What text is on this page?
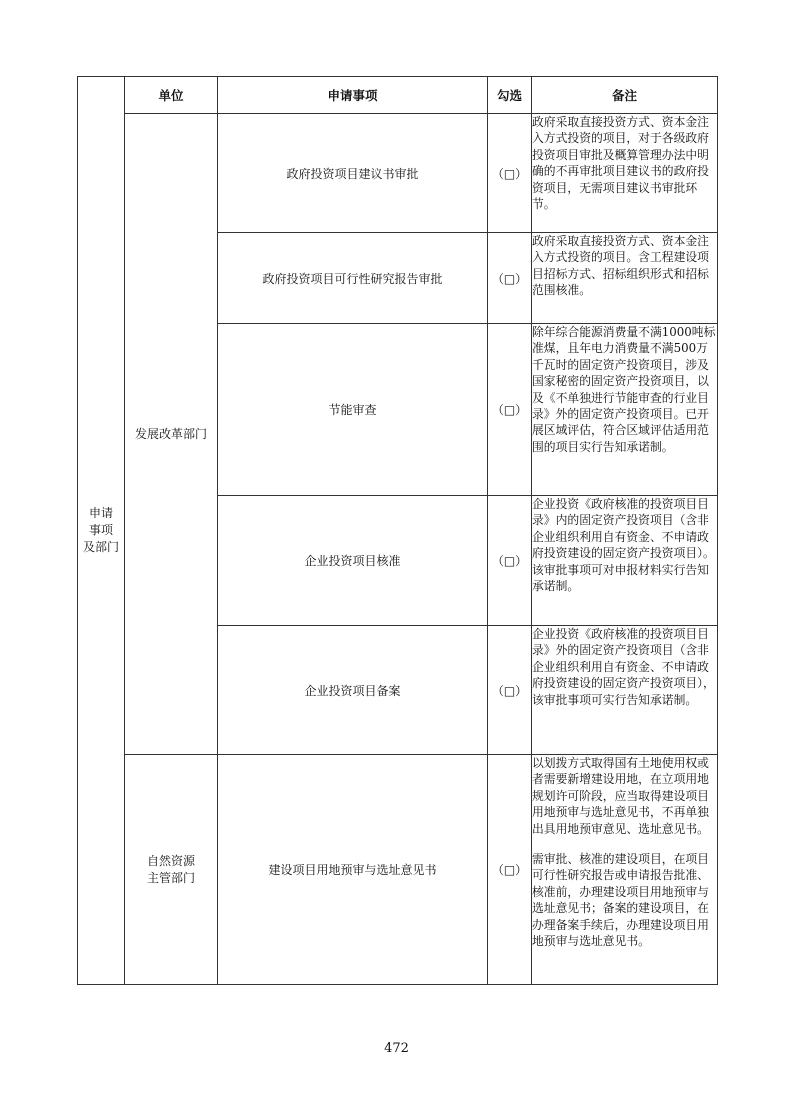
申请
事项
及部门	单位	申请事项	勾选	备注
	发展改革部门	政府投资项目建议书审批	（□）	政府采取直接投资方式、资本金注入方式投资的项目，对于各级政府投资项目审批及概算管理办法中明确的不再审批项目建议书的政府投资项目，无需项目建议书审批环节。

		政府投资项目可行性研究报告审批	（□）	政府采取直接投资方式、资本金注入方式投资的项目。含工程建设项目招标方式、招标组织形式和招标范围核准。

		节能审查	（□）	除年综合能源消费量不满1000吨标准煤，且年电力消费量不满500万千瓦时的固定资产投资项目，涉及国家秘密的固定资产投资项目，以及《不单独进行节能审查的行业目录》外的固定资产投资项目。已开展区域评估，符合区域评估适用范围的项目实行告知承诺制。

		企业投资项目核准	（□）	企业投资《政府核准的投资项目目录》内的固定资产投资项目（含非企业组织利用自有资金、不申请政府投资建设的固定资产投资项目）。该审批事项可对申报材料实行告知承诺制。

		企业投资项目备案	（□）	企业投资《政府核准的投资项目目录》外的固定资产投资项目（含非企业组织利用自有资金、不申请政府投资建设的固定资产投资项目），该审批事项可实行告知承诺制。

	自然资源
主管部门	建设项目用地预审与选址意见书	（□）	以划拨方式取得国有土地使用权或者需要新增建设用地，在立项用地规划许可阶段，应当取得建设项目用地预审与选址意见书，不再单独出具用地预审意见、选址意见书。
需审批、核准的建设项目，在项目可行性研究报告或申请报告批准、核准前，办理建设项目用地预审与选址意见书；备案的建设项目，在办理备案手续后，办理建设项目用地预审与选址意见书。
472
